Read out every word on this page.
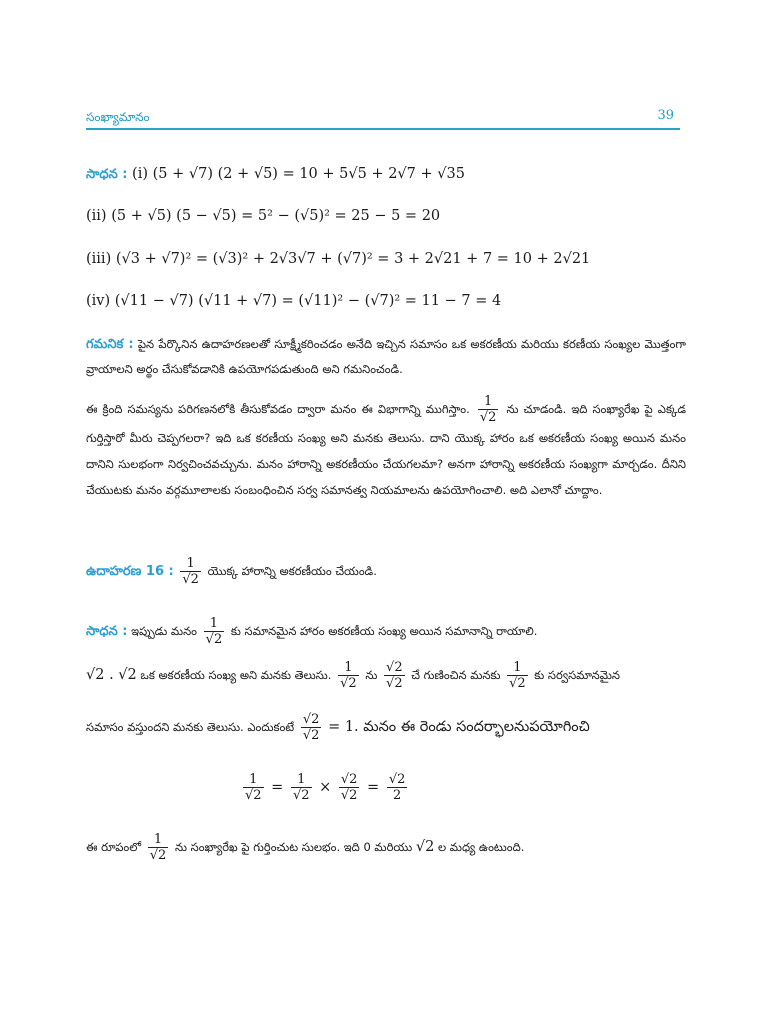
సంఖ్యామానం	39
సాధన : (i) (5 + √7) (2 + √5) = 10 + 5√5 + 2√7 + √35
(ii) (5 + √5) (5 − √5) = 5² − (√5)² = 25 − 5 = 20
(iii) (√3 + √7)² = (√3)² + 2√3√7 + (√7)² = 3 + 2√21 + 7 = 10 + 2√21
(iv) (√11 − √7) (√11 + √7) = (√11)² − (√7)² = 11 − 7 = 4
గమనిక : పైన పేర్కొనిన ఉదాహరణలతో సూక్ష్మీకరించడం అనేది ఇచ్చిన సమాసం ఒక అకరణీయ మరియు కరణీయ సంఖ్యల మొత్తంగా వ్రాయాలని అర్థం చేసుకోవడానికి ఉపయోగపడుతుంది అని గమనించండి.
ఈ క్రింది సమస్యను పరిగణనలోకి తీసుకోవడం ద్వారా మనం ఈ విభాగాన్ని ముగిస్తాం. $\frac{1}{√2}$ ను చూడండి. ఇది సంఖ్యారేఖ పై ఎక్కడ గుర్తిస్తారో మీరు చెప్పగలరా? ఇది ఒక కరణీయ సంఖ్య అని మనకు తెలుసు. దాని యొక్క హారం ఒక అకరణీయ సంఖ్య అయిన మనం దానిని సులభంగా నిర్వచించవచ్చును. మనం హారాన్ని అకరణీయం చేయగలమా? అనగా హారాన్ని అకరణీయ సంఖ్యగా మార్చడం. దీనిని చేయుటకు మనం వర్గమూలాలకు సంబంధించిన సర్వ సమానత్వ నియమాలను ఉపయోగించాలి. అది ఎలానో చూద్దాం.
ఉదాహరణ 16 : $\frac{1}{√2}$ యొక్క హారాన్ని అకరణీయం చేయండి.
సాధన : ఇప్పుడు మనం $\frac{1}{√2}$ కు సమానమైన హారం అకరణీయ సంఖ్య అయిన సమానాన్ని రాయాలి.
√2 . √2 ఒక అకరణీయ సంఖ్య అని మనకు తెలుసు. $\frac{1}{√2}$ ను $\frac{√2}{√2}$ చే గుణించిన మనకు $\frac{1}{√2}$ కు సర్వసమానమైన
సమాసం వస్తుందని మనకు తెలుసు. ఎందుకంటే $\frac{√2}{√2} = 1$. మనం ఈ రెండు సందర్భాలనుపయోగించి
$\frac{1}{√2} = \frac{1}{√2} \times \frac{√2}{√2} = \frac{√2}{2}$
ఈ రూపంలో $\frac{1}{√2}$ ను సంఖ్యారేఖ పై గుర్తించుట సులభం. ఇది 0 మరియు √2 ల మధ్య ఉంటుంది.
